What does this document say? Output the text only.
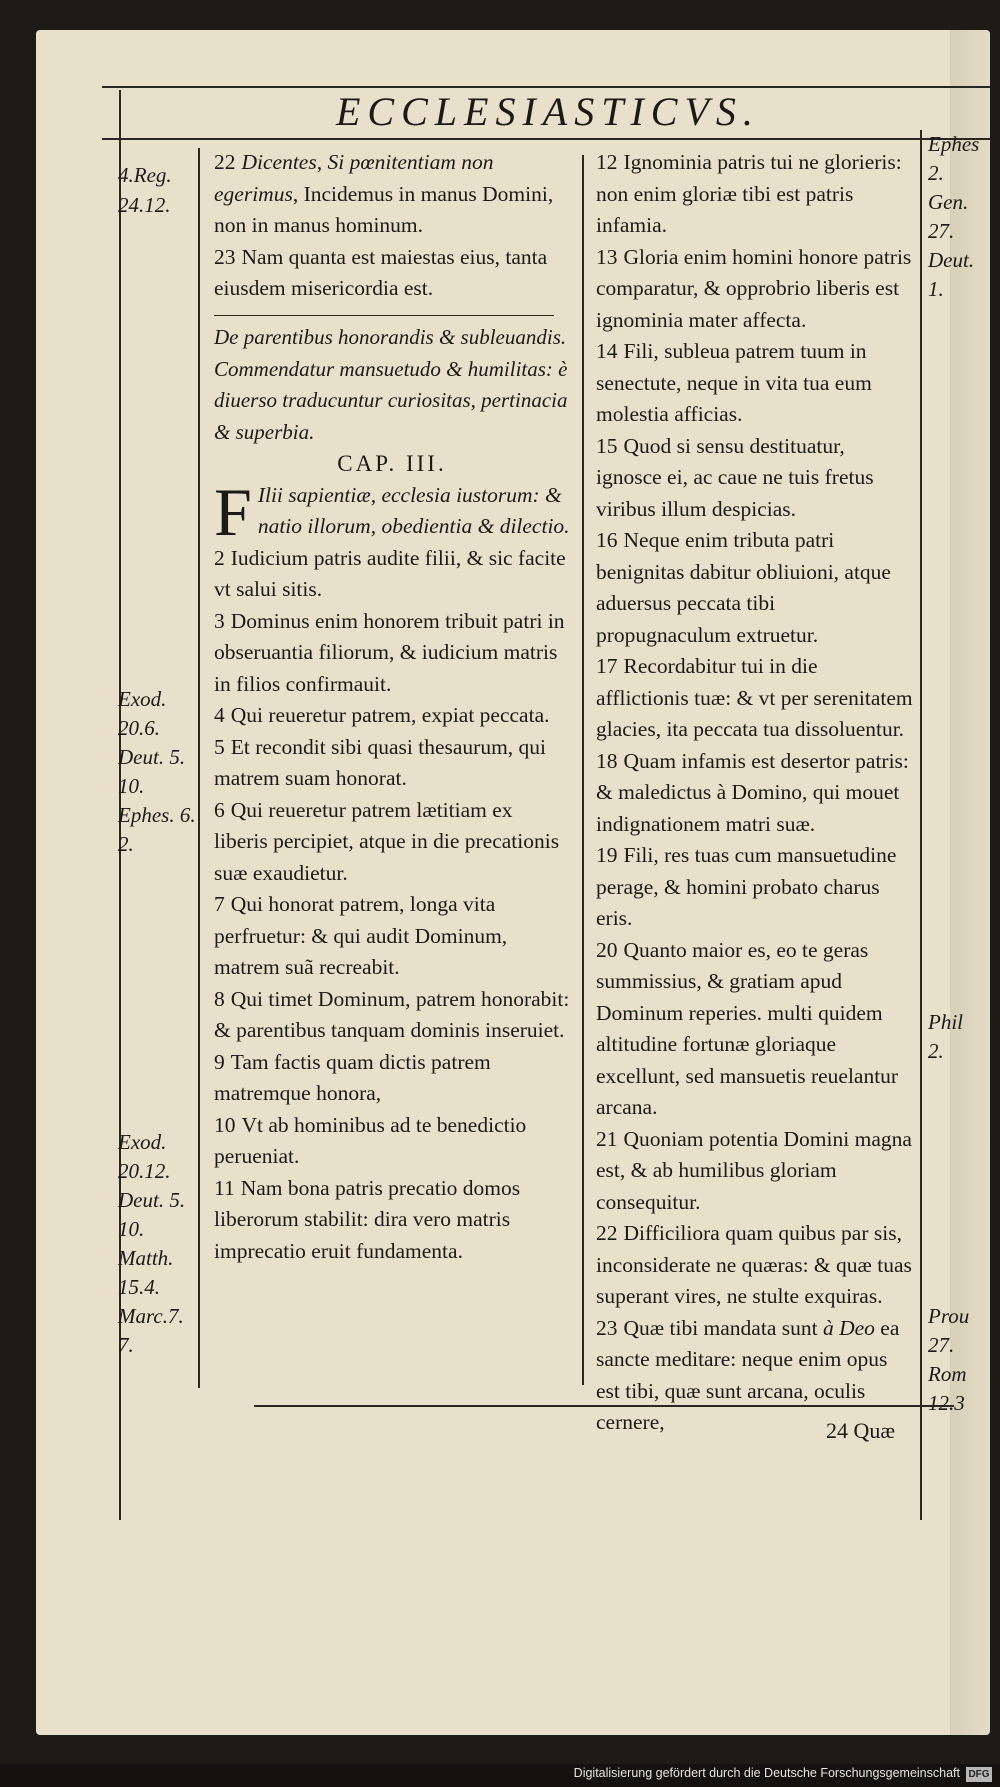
ECCLESIASTICVS.
4.Reg.
24.12.
Exod.
20.6.
Deut. 5.
10.
Ephes. 6.
2.
Exod.
20.12.
Deut. 5.
10.
Matth.
15.4.
Marc.7.
7.
Ephes
2.
Gen.
27.
Deut.
1.
Phil
2.
Prou
27.
Rom
12.3

22 Dicentes, Si pœnitentiam non egerimus, Incidemus in manus Domini, non in manus hominum.

23 Nam quanta est maiestas eius, tanta eiusdem misericordia est.

De parentibus honorandis & subleuandis. Commendatur mansuetudo & humilitas: è diuerso traducuntur curiositas, pertinacia & superbia.

CAP. III.

F Ilii sapientiæ, ecclesia iustorum: & natio illorum, obedientia & dilectio.

2 Iudicium patris audite filii, & sic facite vt salui sitis.

3 Dominus enim honorem tribuit patri in obseruantia filiorum, & iudicium matris in filios confirmauit.

4 Qui reueretur patrem, expiat peccata.

5 Et recondit sibi quasi thesaurum, qui matrem suam honorat.

6 Qui reueretur patrem lætitiam ex liberis percipiet, atque in die precationis suæ exaudietur.

7 Qui honorat patrem, longa vita perfruetur: & qui audit Dominum, matrem suã recreabit.

8 Qui timet Dominum, patrem honorabit: & parentibus tanquam dominis inseruiet.

9 Tam factis quam dictis patrem matremque honora,

10 Vt ab hominibus ad te benedictio perueniat.

11 Nam bona patris precatio domos liberorum stabilit: dira vero matris imprecatio eruit fundamenta.

12 Ignominia patris tui ne glorieris: non enim gloriæ tibi est patris infamia.

13 Gloria enim homini honore patris comparatur, & opprobrio liberis est ignominia mater affecta.

14 Fili, subleua patrem tuum in senectute, neque in vita tua eum molestia afficias.

15 Quod si sensu destituatur, ignosce ei, ac caue ne tuis fretus viribus illum despicias.

16 Neque enim tributa patri benignitas dabitur obliuioni, atque aduersus peccata tibi propugnaculum extruetur.

17 Recordabitur tui in die afflictionis tuæ: & vt per serenitatem glacies, ita peccata tua dissoluentur.

18 Quam infamis est desertor patris: & maledictus à Domino, qui mouet indignationem matri suæ.

19 Fili, res tuas cum mansuetudine perage, & homini probato charus eris.

20 Quanto maior es, eo te geras summissius, & gratiam apud Dominum reperies. multi quidem altitudine fortunæ gloriaque excellunt, sed mansuetis reuelantur arcana.

21 Quoniam potentia Domini magna est, & ab humilibus gloriam consequitur.

22 Difficiliora quam quibus par sis, inconsiderate ne quæras: & quæ tuas superant vires, ne stulte exquiras.

23 Quæ tibi mandata sunt à Deo ea sancte meditare: neque enim opus est tibi, quæ sunt arcana, oculis cernere,	24 Quæ
Digitalisierung gefördert durch die Deutsche Forschungsgemeinschaft DFG
